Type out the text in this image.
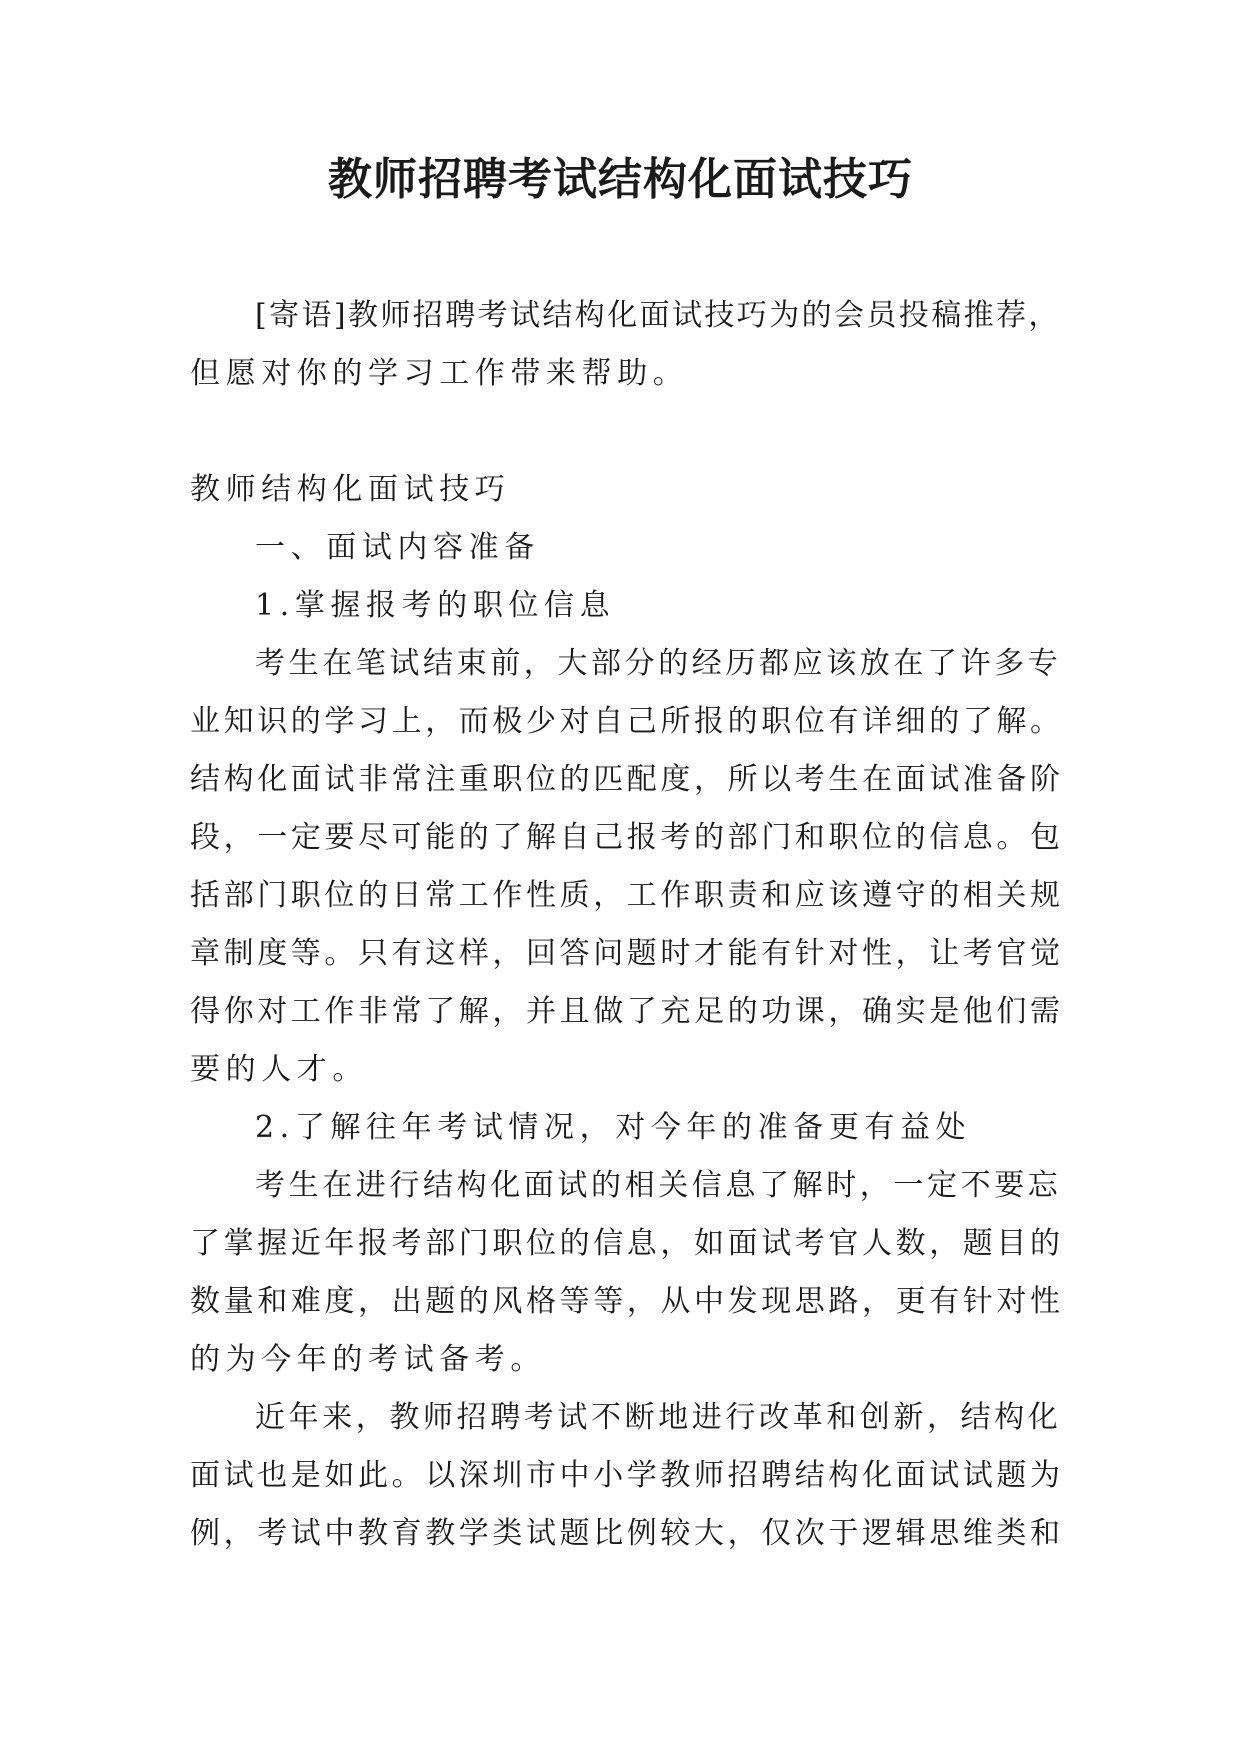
教师招聘考试结构化面试技巧

[寄语]教师招聘考试结构化面试技巧为的会员投稿推荐，

但愿对你的学习工作带来帮助。

教师结构化面试技巧

一、面试内容准备

1.掌握报考的职位信息

考生在笔试结束前，大部分的经历都应该放在了许多专

业知识的学习上，而极少对自己所报的职位有详细的了解。

结构化面试非常注重职位的匹配度，所以考生在面试准备阶

段，一定要尽可能的了解自己报考的部门和职位的信息。包

括部门职位的日常工作性质，工作职责和应该遵守的相关规

章制度等。只有这样，回答问题时才能有针对性，让考官觉

得你对工作非常了解，并且做了充足的功课，确实是他们需

要的人才。

2.了解往年考试情况，对今年的准备更有益处

考生在进行结构化面试的相关信息了解时，一定不要忘

了掌握近年报考部门职位的信息，如面试考官人数，题目的

数量和难度，出题的风格等等，从中发现思路，更有针对性

的为今年的考试备考。

近年来，教师招聘考试不断地进行改革和创新，结构化

面试也是如此。以深圳市中小学教师招聘结构化面试试题为

例，考试中教育教学类试题比例较大，仅次于逻辑思维类和
